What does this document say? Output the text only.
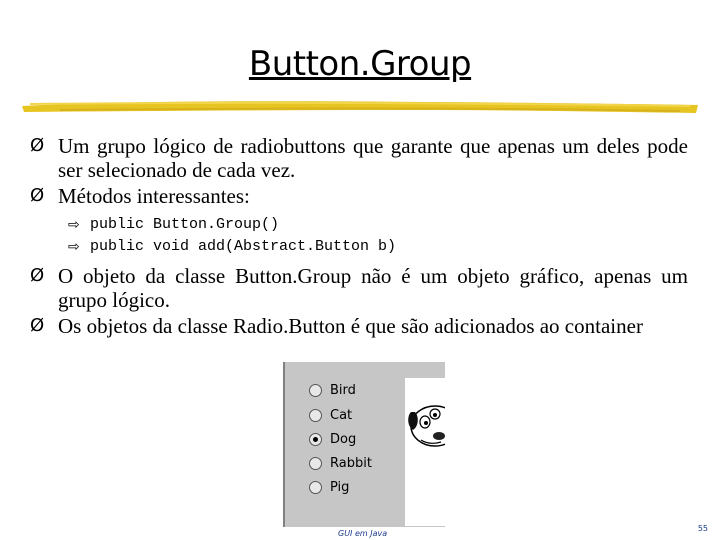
Button.Group
Ø Um grupo lógico de radiobuttons que garante que apenas um deles pode ser selecionado de cada vez.
Ø Métodos interessantes:
⇨ public Button.Group()
⇨ public void add(Abstract.Button b)
Ø O objeto da classe Button.Group não é um objeto gráfico, apenas um grupo lógico.
Ø Os objetos da classe Radio.Button é que são adicionados ao container
Bird
Cat
Dog
Rabbit
Pig
GUI em Java
55
